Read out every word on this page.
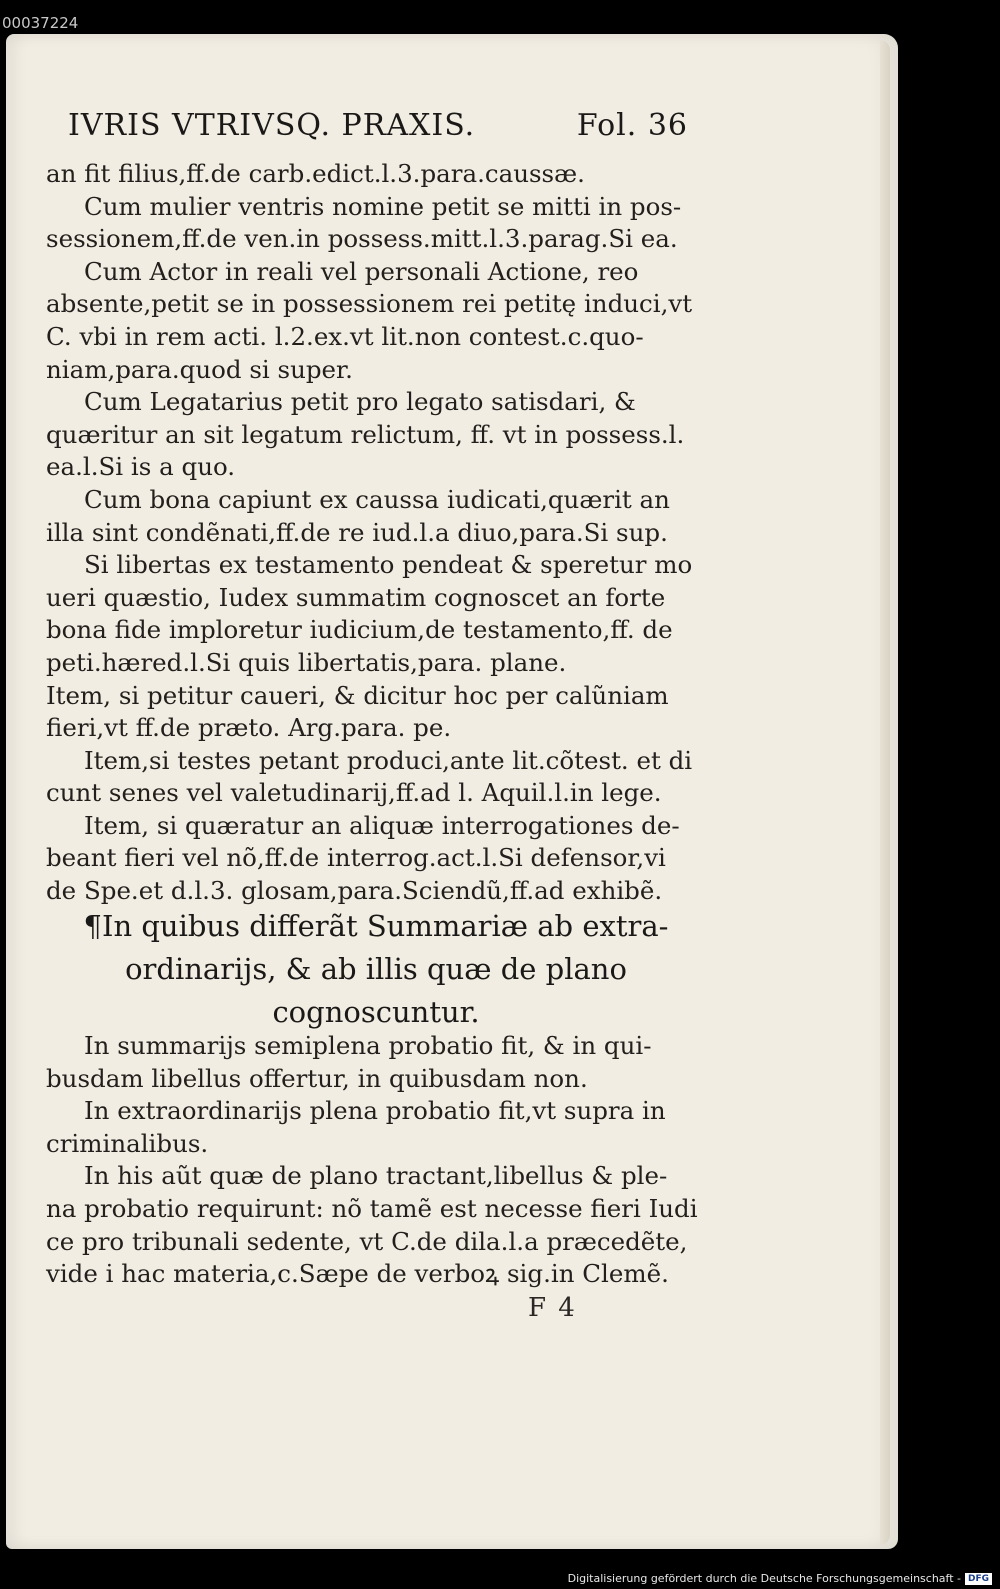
00037224
IVRIS VTRIVSQ. PRAXIS.	Fol. 36
an fit filius,ff.de carb.edict.l.3.para.caussæ.
Cum mulier ventris nomine petit se mitti in pos-
sessionem,ff.de ven.in possess.mitt.l.3.parag.Si ea.
Cum Actor in reali vel personali Actione, reo
absente,petit se in possessionem rei petitę induci,vt
C. vbi in rem acti. l.2.ex.vt lit.non contest.c.quo-
niam,para.quod si super.
Cum Legatarius petit pro legato satisdari, &
quæritur an sit legatum relictum, ff. vt in possess.l.
ea.l.Si is a quo.
Cum bona capiunt ex caussa iudicati,quærit an
illa sint condẽnati,ff.de re iud.l.a diuo,para.Si sup.
Si libertas ex testamento pendeat & speretur mo
ueri quæstio, Iudex summatim cognoscet an forte
bona fide imploretur iudicium,de testamento,ff. de
peti.hæred.l.Si quis libertatis,para. plane.
Item, si petitur caueri, & dicitur hoc per calũniam
fieri,vt ff.de præto. Arg.para. pe.
Item,si testes petant produci,ante lit.cõtest. et di
cunt senes vel valetudinarij,ff.ad l. Aquil.l.in lege.
Item, si quæratur an aliquæ interrogationes de-
beant fieri vel nõ,ff.de interrog.act.l.Si defensor,vi
de Spe.et d.l.3. glosam,para.Sciendũ,ff.ad exhibẽ.
¶In quibus differãt Summariæ ab extra-
ordinarijs, & ab illis quæ de plano
cognoscuntur.
In summarijs semiplena probatio fit, & in qui-
busdam libellus offertur, in quibusdam non.
In extraordinarijs plena probatio fit,vt supra in
criminalibus.
In his aũt quæ de plano tractant,libellus & ple-
na probatio requirunt: nõ tamẽ est necesse fieri Iudi
ce pro tribunali sedente, vt C.de dila.l.a præcedẽte,
vide i hac materia,c.Sæpe de verboꝝ sig.in Clemẽ.
F 4
Digitalisierung gefördert durch die Deutsche Forschungsgemeinschaft - DFG
